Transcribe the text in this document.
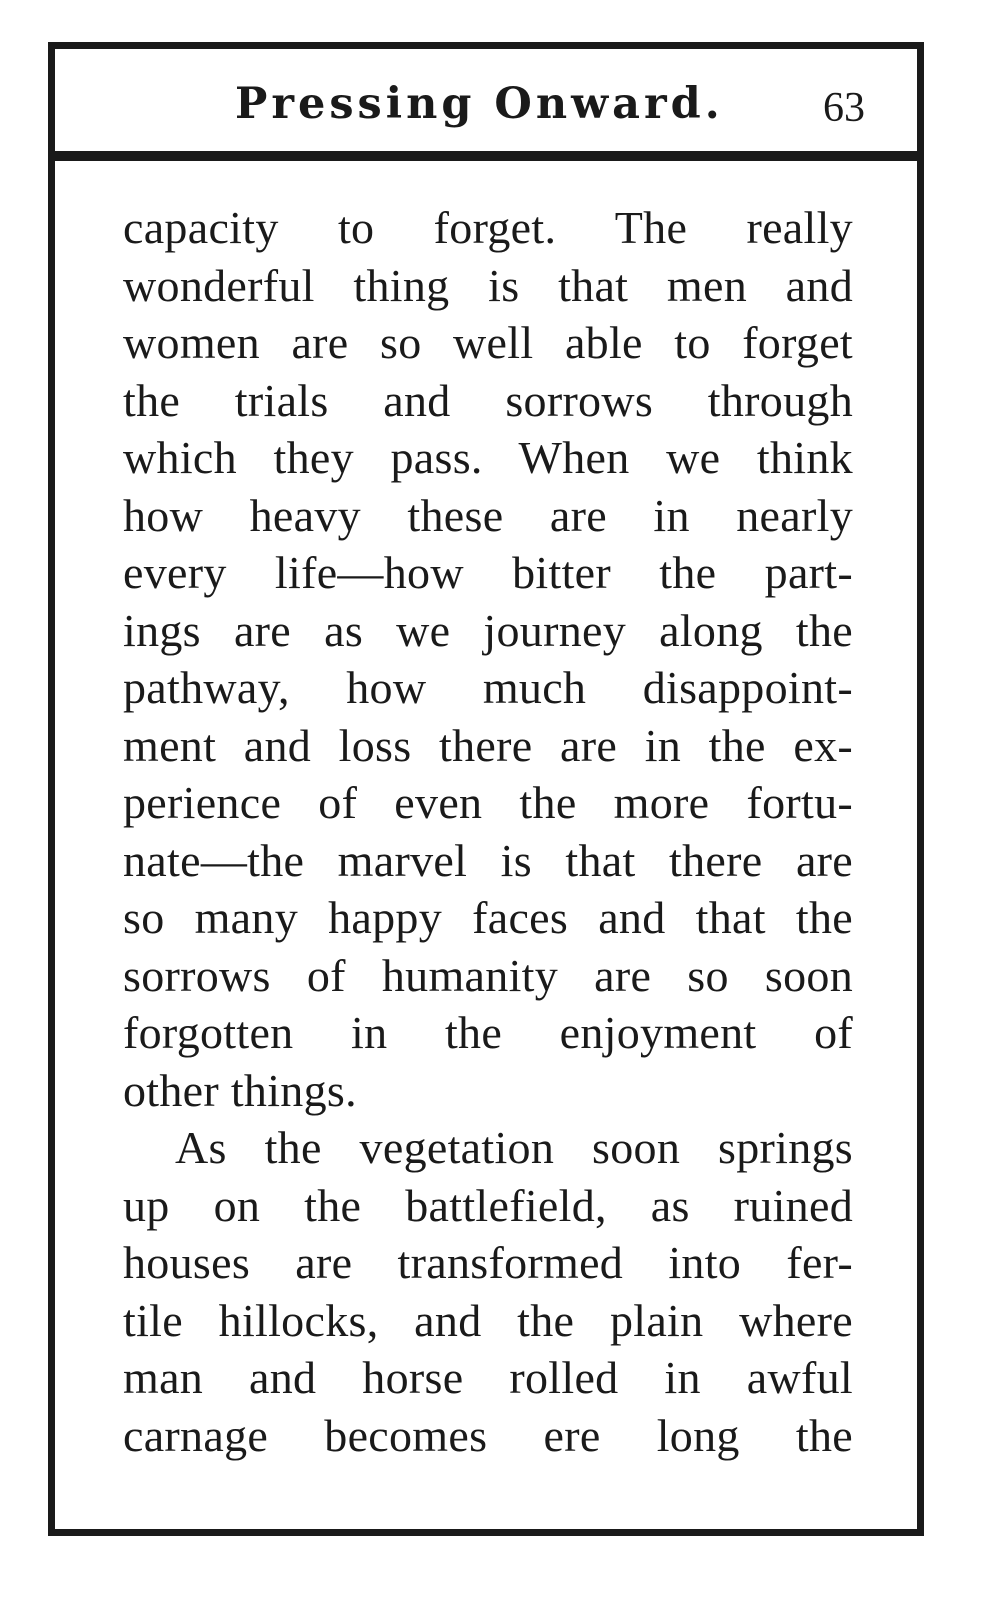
Pressing Onward. 63
capacity to forget. The really
wonderful thing is that men and
women are so well able to forget
the trials and sorrows through
which they pass. When we think
how heavy these are in nearly
every life—how bitter the part-
ings are as we journey along the
pathway, how much disappoint-
ment and loss there are in the ex-
perience of even the more fortu-
nate—the marvel is that there are
so many happy faces and that the
sorrows of humanity are so soon
forgotten in the enjoyment of
other things.
As the vegetation soon springs
up on the battlefield, as ruined
houses are transformed into fer-
tile hillocks, and the plain where
man and horse rolled in awful
carnage becomes ere long the
